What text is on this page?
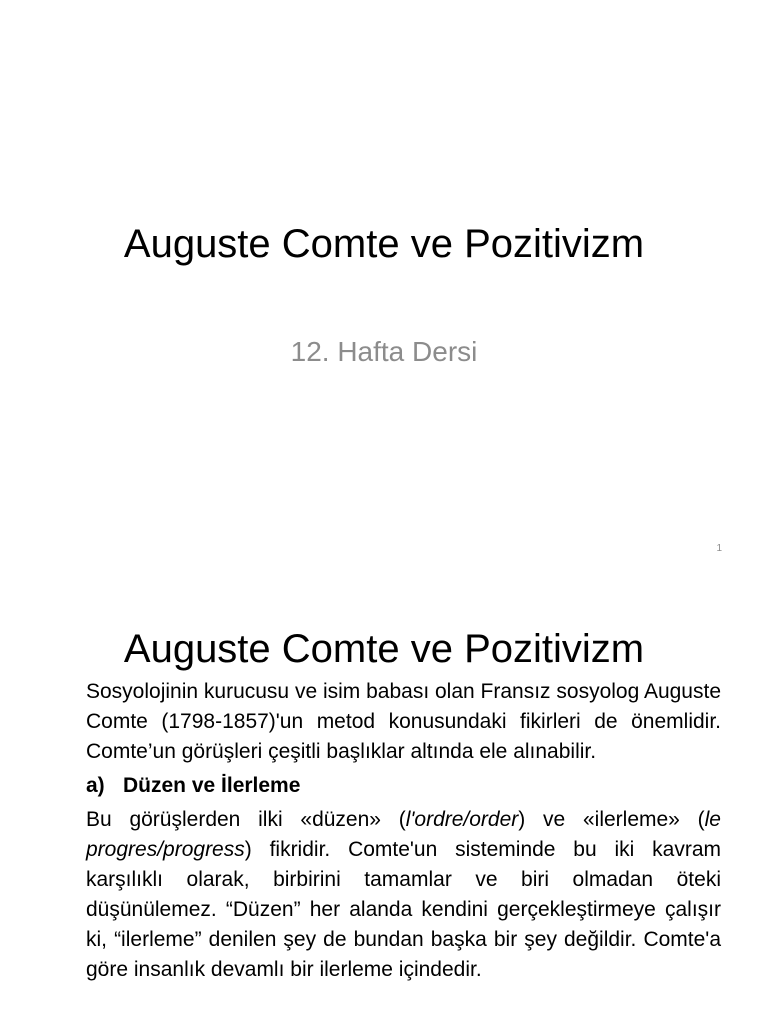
Auguste Comte ve Pozitivizm
12. Hafta Dersi
1
Auguste Comte ve Pozitivizm

Sosyolojinin kurucusu ve isim babası olan Fransız sosyolog Auguste Comte (1798-1857)'un metod konusundaki fikirleri de önemlidir. Comte’un görüşleri çeşitli başlıklar altında ele alınabilir.

a) Düzen ve İlerleme

Bu görüşlerden ilki «düzen» (l'ordre/order) ve «ilerleme» (le progres/progress) fikridir. Comte'un sisteminde bu iki kavram karşılıklı olarak, birbirini tamamlar ve biri olmadan öteki düşünülemez. “Düzen” her alanda kendini gerçekleştirmeye çalışır ki, “ilerleme” denilen şey de bundan başka bir şey değildir. Comte'a göre insanlık devamlı bir ilerleme içindedir.
